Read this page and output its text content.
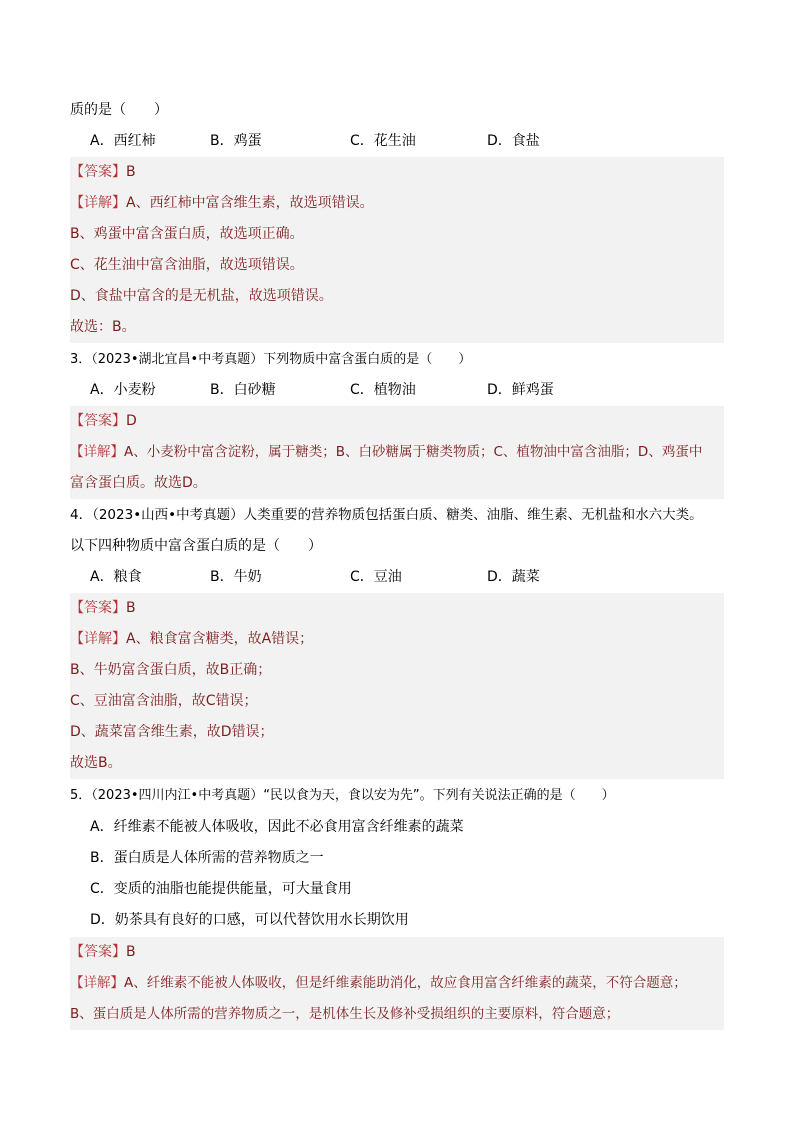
质的是（　　）
A．西红柿	B．鸡蛋	C．花生油	D．食盐
【答案】B
【详解】A、西红柿中富含维生素，故选项错误。
B、鸡蛋中富含蛋白质，故选项正确。
C、花生油中富含油脂，故选项错误。
D、食盐中富含的是无机盐，故选项错误。
故选：B。
3．（2023•湖北宜昌•中考真题）下列物质中富含蛋白质的是（　　）
A．小麦粉	B．白砂糖	C．植物油	D．鲜鸡蛋
【答案】D
【详解】A、小麦粉中富含淀粉，属于糖类；B、白砂糖属于糖类物质；C、植物油中富含油脂；D、鸡蛋中
富含蛋白质。故选D。
4．（2023•山西•中考真题）人类重要的营养物质包括蛋白质、糖类、油脂、维生素、无机盐和水六大类。
以下四种物质中富含蛋白质的是（　　）
A．粮食	B．牛奶	C．豆油	D．蔬菜
【答案】B
【详解】A、粮食富含糖类，故A错误；
B、牛奶富含蛋白质，故B正确；
C、豆油富含油脂，故C错误；
D、蔬菜富含维生素，故D错误；
故选B。
5．（2023•四川内江•中考真题）“民以食为天，食以安为先”。下列有关说法正确的是（　　）
A．纤维素不能被人体吸收，因此不必食用富含纤维素的蔬菜
B．蛋白质是人体所需的营养物质之一
C．变质的油脂也能提供能量，可大量食用
D．奶茶具有良好的口感，可以代替饮用水长期饮用
【答案】B
【详解】A、纤维素不能被人体吸收，但是纤维素能助消化，故应食用富含纤维素的蔬菜，不符合题意；
B、蛋白质是人体所需的营养物质之一，是机体生长及修补受损组织的主要原料，符合题意；
